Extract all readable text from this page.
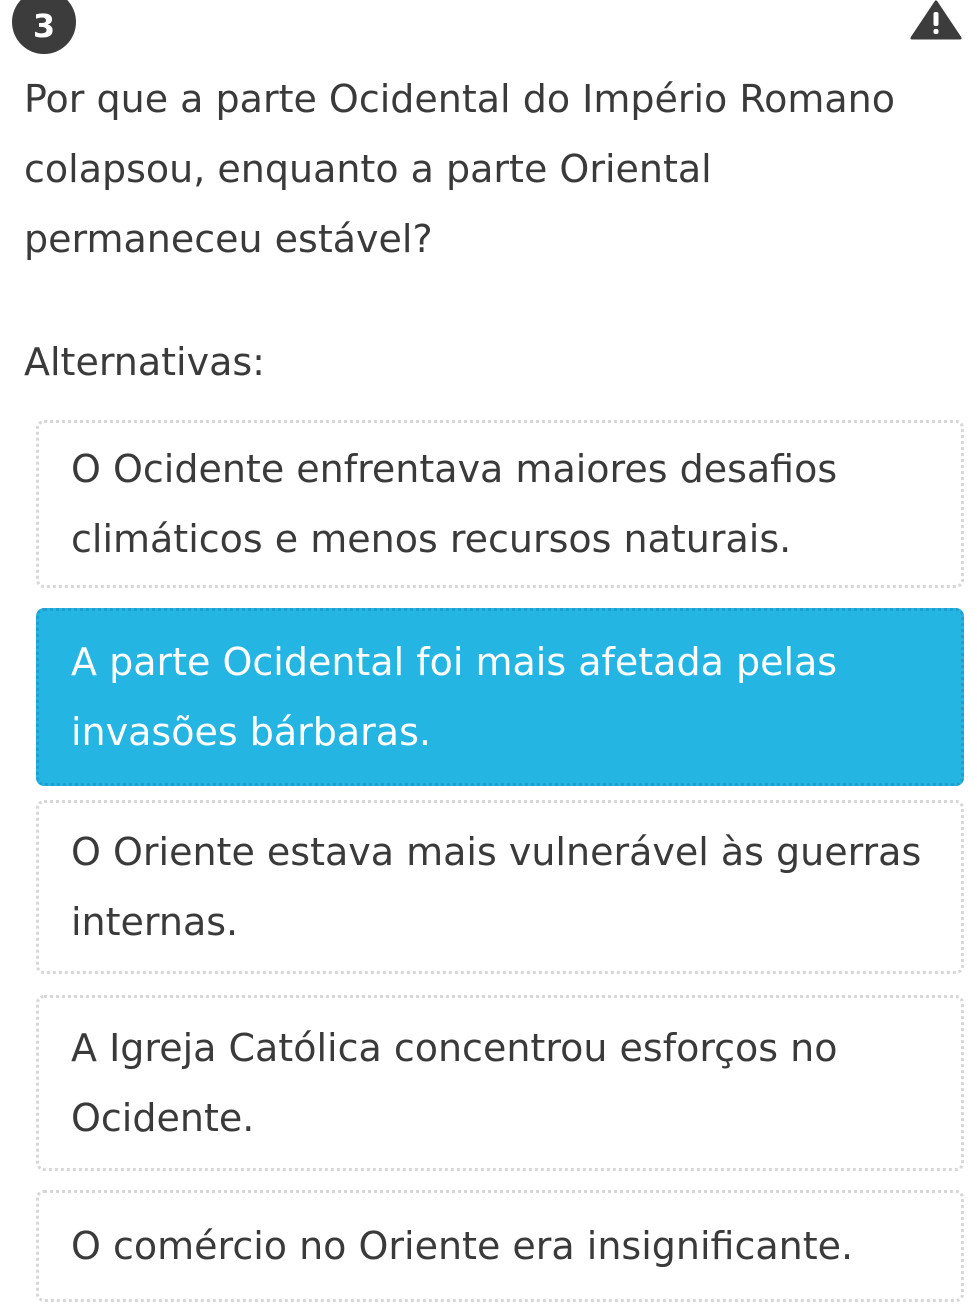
3
Por que a parte Ocidental do Império Romano colapsou, enquanto a parte Oriental permaneceu estável?
Alternativas:
O Ocidente enfrentava maiores desafios climáticos e menos recursos naturais.
A parte Ocidental foi mais afetada pelas invasões bárbaras.
O Oriente estava mais vulnerável às guerras internas.
A Igreja Católica concentrou esforços no Ocidente.
O comércio no Oriente era insignificante.
